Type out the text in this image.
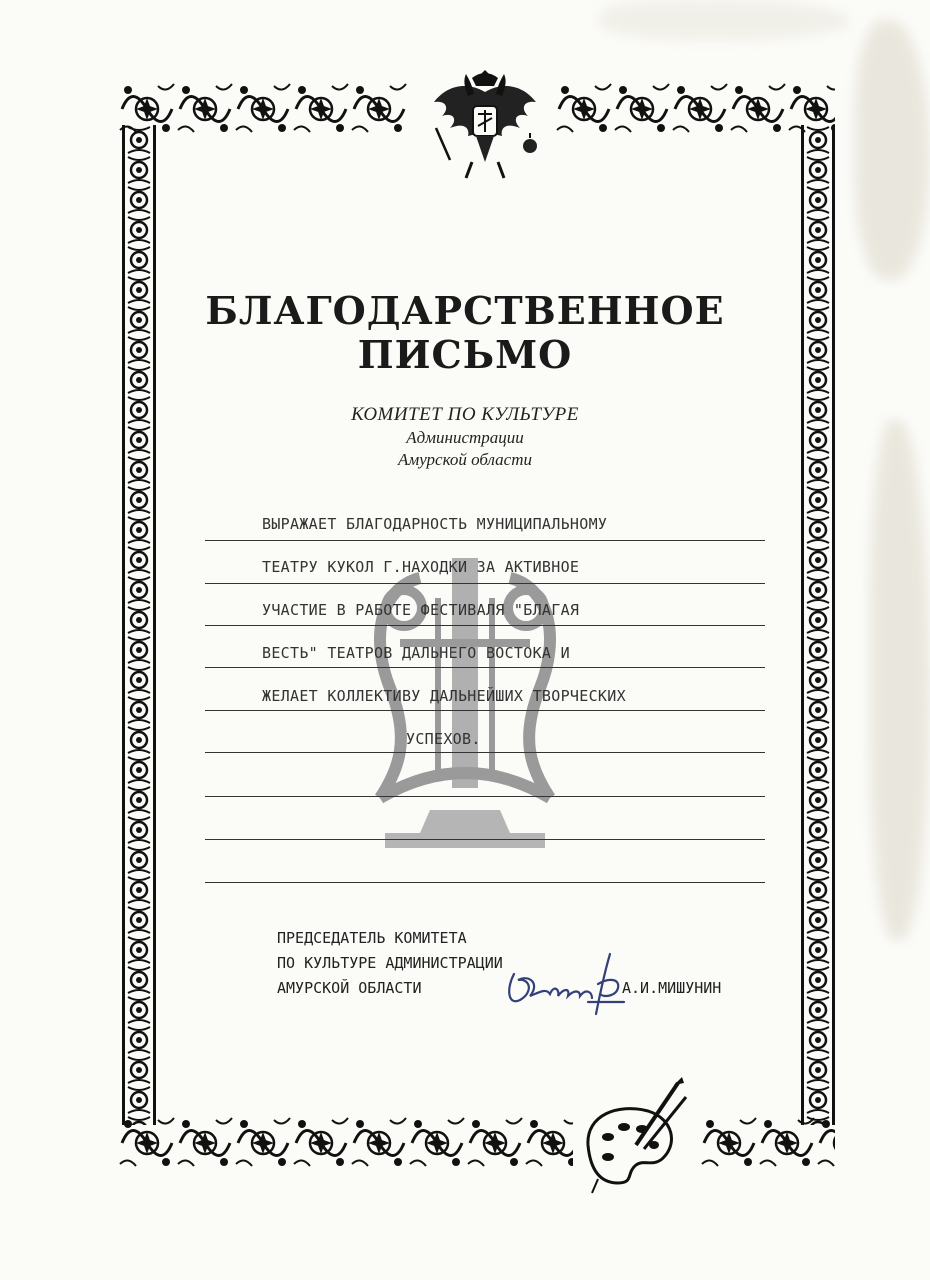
БЛАГОДАРСТВЕННОЕ
ПИСЬМО

КОМИТЕТ ПО КУЛЬТУРЕ

Администрации

Амурской области

ВЫРАЖАЕТ БЛАГОДАРНОСТЬ МУНИЦИПАЛЬНОМУ
ТЕАТРУ КУКОЛ Г.НАХОДКИ ЗА АКТИВНОЕ
УЧАСТИЕ В РАБОТЕ ФЕСТИВАЛЯ "БЛАГАЯ
ВЕСТЬ" ТЕАТРОВ ДАЛЬНЕГО ВОСТОКА И
ЖЕЛАЕТ КОЛЛЕКТИВУ ДАЛЬНЕЙШИХ ТВОРЧЕСКИХ
УСПЕХОВ.
ПРЕДСЕДАТЕЛЬ КОМИТЕТА
ПО КУЛЬТУРЕ АДМИНИСТРАЦИИ
АМУРСКОЙ ОБЛАСТИ	А.И.МИШУНИН
